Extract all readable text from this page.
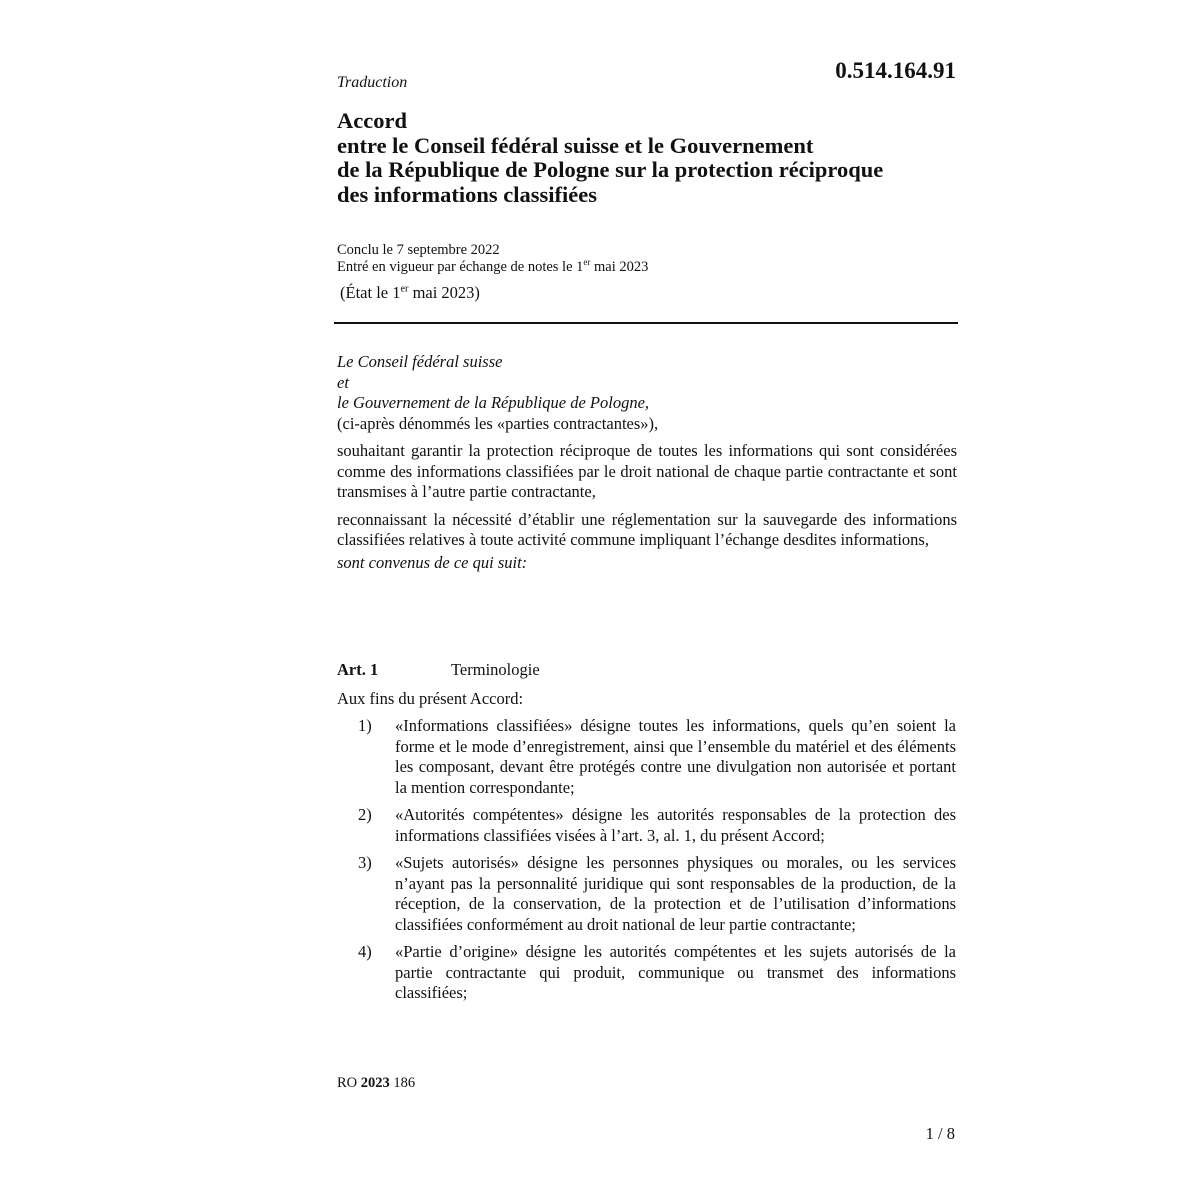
0.514.164.91
Traduction
Accord
entre le Conseil fédéral suisse et le Gouvernement
de la République de Pologne sur la protection réciproque
des informations classifiées
Conclu le 7 septembre 2022
Entré en vigueur par échange de notes le 1er mai 2023
(État le 1er mai 2023)
Le Conseil fédéral suisse
et
le Gouvernement de la République de Pologne,
(ci-après dénommés les «parties contractantes»),
souhaitant garantir la protection réciproque de toutes les informations qui sont considérées comme des informations classifiées par le droit national de chaque partie contractante et sont transmises à l’autre partie contractante,
reconnaissant la nécessité d’établir une réglementation sur la sauvegarde des informations classifiées relatives à toute activité commune impliquant l’échange desdites informations,
sont convenus de ce qui suit:
Art. 1	Terminologie
Aux fins du présent Accord:
1) «Informations classifiées» désigne toutes les informations, quels qu’en soient la forme et le mode d’enregistrement, ainsi que l’ensemble du matériel et des éléments les composant, devant être protégés contre une divulgation non autorisée et portant la mention correspondante;
2) «Autorités compétentes» désigne les autorités responsables de la protection des informations classifiées visées à l’art. 3, al. 1, du présent Accord;
3) «Sujets autorisés» désigne les personnes physiques ou morales, ou les services n’ayant pas la personnalité juridique qui sont responsables de la production, de la réception, de la conservation, de la protection et de l’utilisation d’informations classifiées conformément au droit national de leur partie contractante;
4) «Partie d’origine» désigne les autorités compétentes et les sujets autorisés de la partie contractante qui produit, communique ou transmet des informations classifiées;
RO 2023 186
1 / 8
